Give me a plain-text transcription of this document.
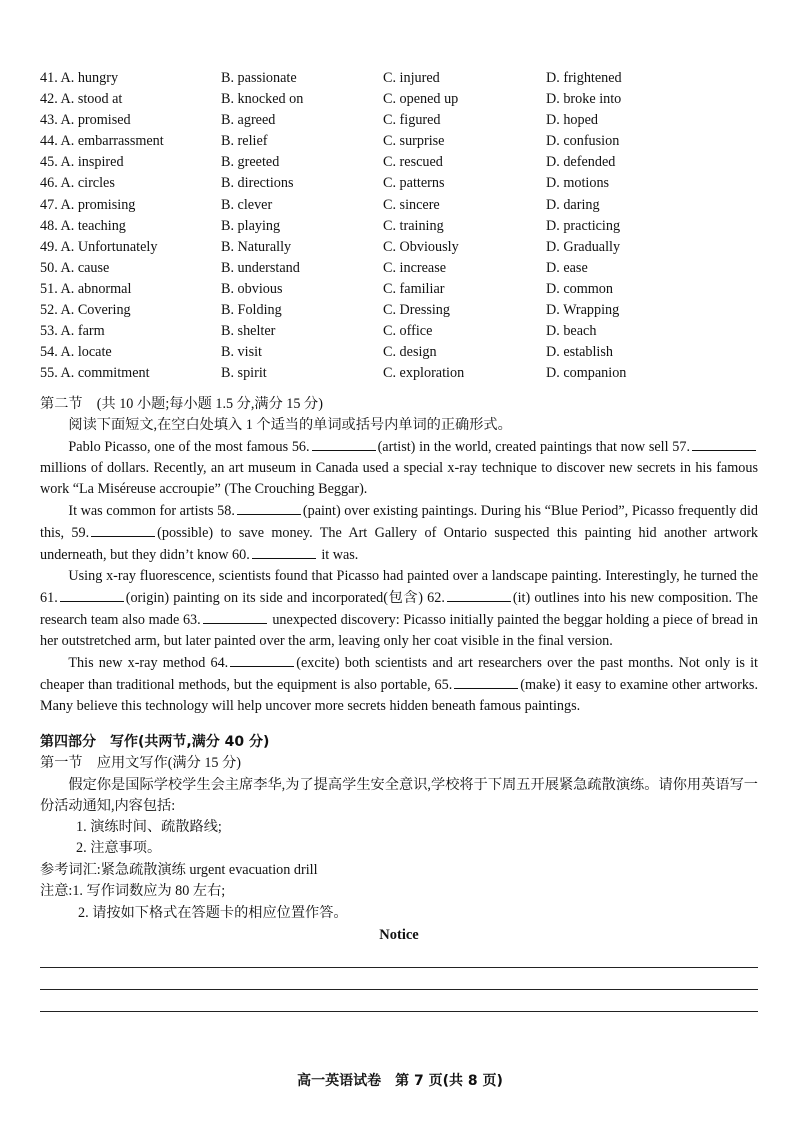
41. A. hungry	B. passionate	C. injured	D. frightened
42. A. stood at	B. knocked on	C. opened up	D. broke into
43. A. promised	B. agreed	C. figured	D. hoped
44. A. embarrassment	B. relief	C. surprise	D. confusion
45. A. inspired	B. greeted	C. rescued	D. defended
46. A. circles	B. directions	C. patterns	D. motions
47. A. promising	B. clever	C. sincere	D. daring
48. A. teaching	B. playing	C. training	D. practicing
49. A. Unfortunately	B. Naturally	C. Obviously	D. Gradually
50. A. cause	B. understand	C. increase	D. ease
51. A. abnormal	B. obvious	C. familiar	D. common
52. A. Covering	B. Folding	C. Dressing	D. Wrapping
53. A. farm	B. shelter	C. office	D. beach
54. A. locate	B. visit	C. design	D. establish
55. A. commitment	B. spirit	C. exploration	D. companion
第二节　(共 10 小题;每小题 1.5 分,满分 15 分)

阅读下面短文,在空白处填入 1 个适当的单词或括号内单词的正确形式。

Pablo Picasso, one of the most famous 56.	(artist) in the world, created paintings that now sell 57. millions of dollars. Recently, an art museum in Canada used a special x-ray technique to discover new secrets in his famous work “La Miséreuse accroupie” (The Crouching Beggar).

It was common for artists 58.	(paint) over existing paintings. During his “Blue Period”, Picasso frequently did this, 59.	(possible) to save money. The Art Gallery of Ontario suspected this painting hid another artwork underneath, but they didn’t know 60.	it was.

Using x-ray fluorescence, scientists found that Picasso had painted over a landscape painting. Interestingly, he turned the 61.	(origin) painting on its side and incorporated(包含) 62.	(it) outlines into his new composition. The research team also made 63.	unexpected discovery: Picasso initially painted the beggar holding a piece of bread in her outstretched arm, but later painted over the arm, leaving only her coat visible in the final version.

This new x-ray method 64.	(excite) both scientists and art researchers over the past months. Not only is it cheaper than traditional methods, but the equipment is also portable, 65.	(make) it easy to examine other artworks. Many believe this technology will help uncover more secrets hidden beneath famous paintings.

第四部分　写作(共两节,满分 40 分)

第一节　应用文写作(满分 15 分)

假定你是国际学校学生会主席李华,为了提高学生安全意识,学校将于下周五开展紧急疏散演练。请你用英语写一份活动通知,内容包括:

1. 演练时间、疏散路线;

2. 注意事项。

参考词汇:紧急疏散演练 urgent evacuation drill

注意:1. 写作词数应为 80 左右;

2. 请按如下格式在答题卡的相应位置作答。

Notice

高一英语试卷　第 7 页(共 8 页)
